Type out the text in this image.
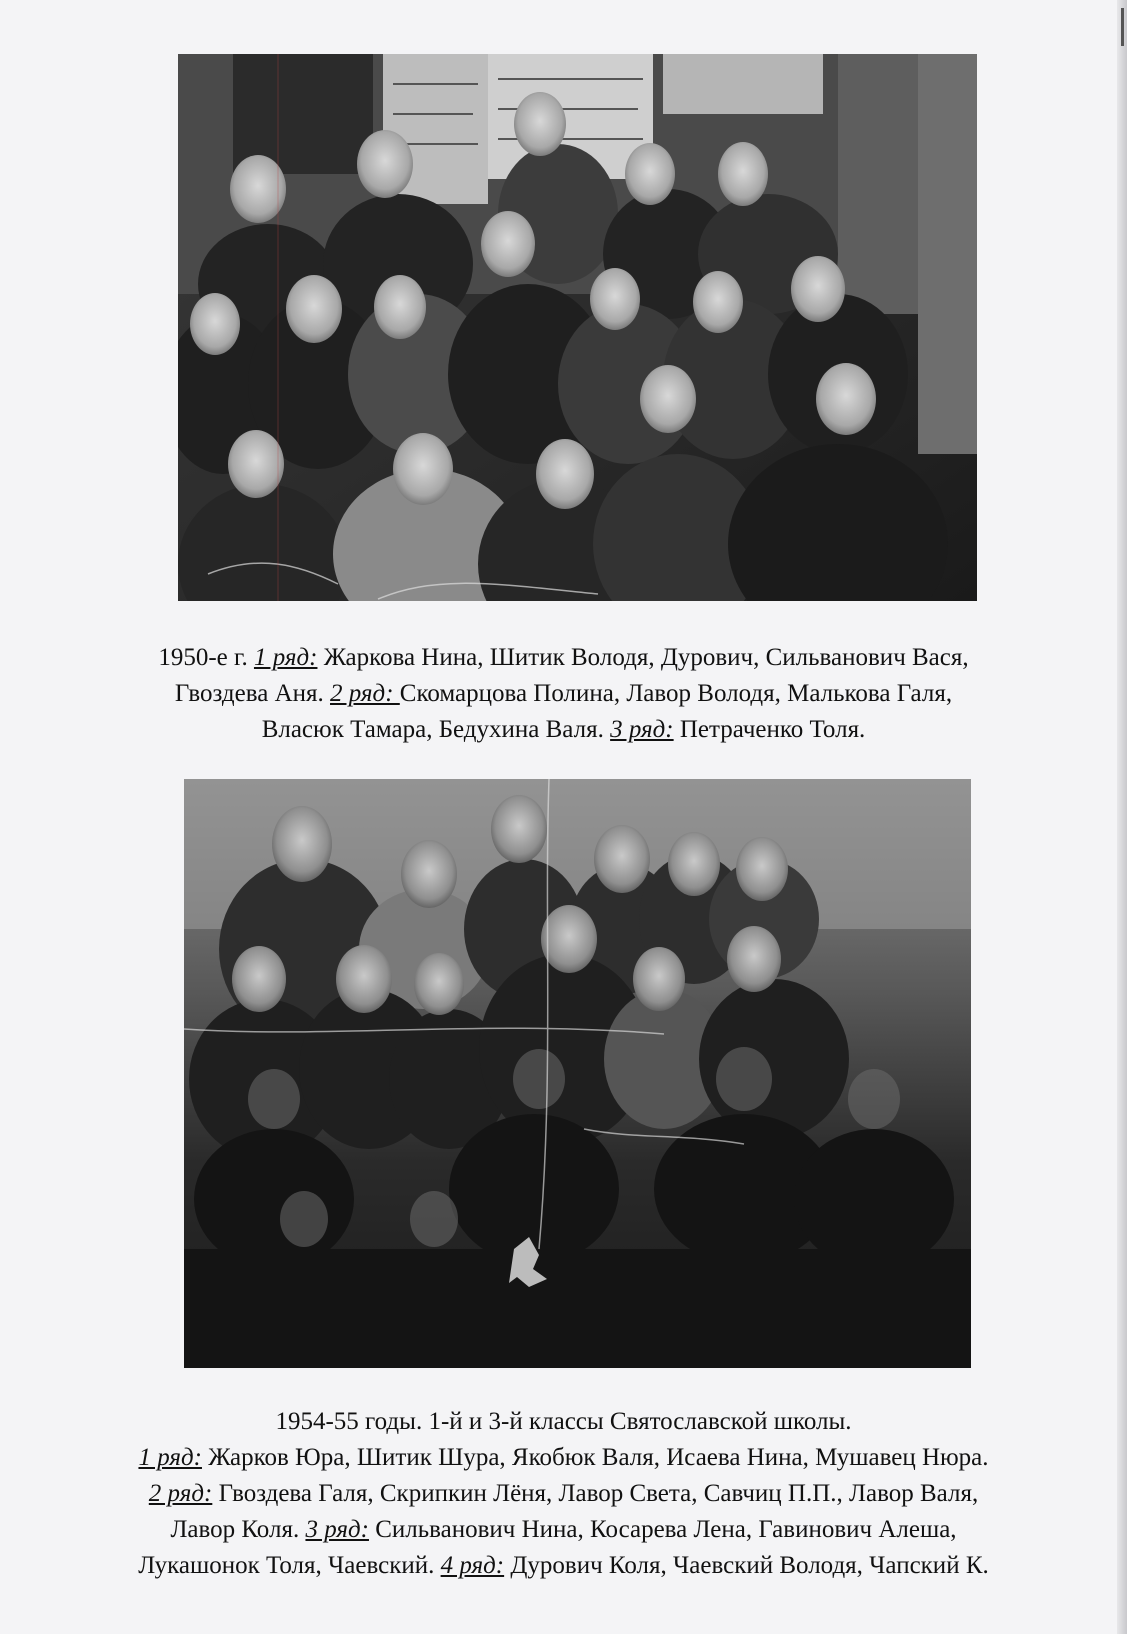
1950-е г. 1 ряд: Жаркова Нина, Шитик Володя, Дурович, Сильванович Вася,
Гвоздева Аня. 2 ряд: Скомарцова Полина, Лавор Володя, Малькова Галя,
Власюк Тамара, Бедухина Валя. 3 ряд: Петраченко Толя.
1954-55 годы. 1-й и 3-й классы Святославской школы.
1 ряд: Жарков Юра, Шитик Шура, Якобюк Валя, Исаева Нина, Мушавец Нюра.
2 ряд: Гвоздева Галя, Скрипкин Лёня, Лавор Света, Савчиц П.П., Лавор Валя,
Лавор Коля. 3 ряд: Сильванович Нина, Косарева Лена, Гавинович Алеша,
Лукашонок Толя, Чаевский. 4 ряд: Дурович Коля, Чаевский Володя, Чапский К.
